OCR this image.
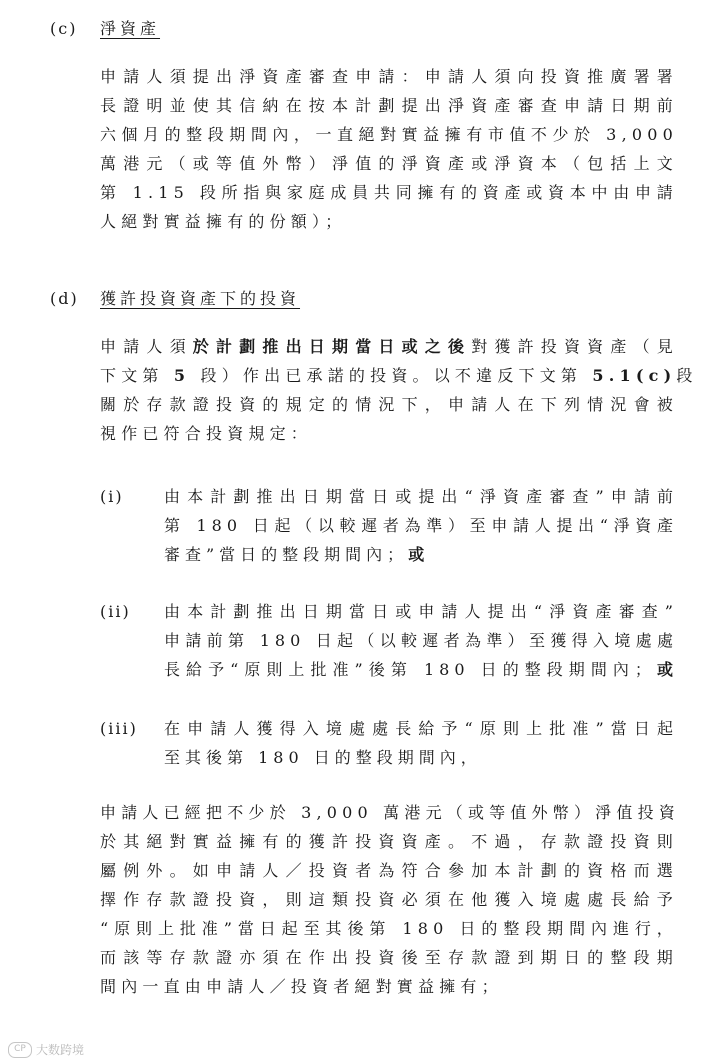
(c)	淨資產
申請人須提出淨資產審查申請：申請人須向投資推廣署署
長證明並使其信納在按本計劃提出淨資產審查申請日期前
六個月的整段期間內，一直絕對實益擁有市值不少於 3,000
萬港元（或等值外幣）淨值的淨資產或淨資本（包括上文
第 1.15 段所指與家庭成員共同擁有的資產或資本中由申請
人絕對實益擁有的份額）；
(d)	獲許投資資產下的投資
申請人須於計劃推出日期當日或之後對獲許投資資產（見
下文第 5 段）作出已承諾的投資。以不違反下文第 5.1(c)段
關於存款證投資的規定的情況下，申請人在下列情況會被
視作已符合投資規定：
(i)	由本計劃推出日期當日或提出“淨資產審查”申請前
第 180 日起（以較遲者為準）至申請人提出“淨資產
審查”當日的整段期間內；或
(ii) 由本計劃推出日期當日或申請人提出“淨資產審查”
申請前第 180 日起（以較遲者為準）至獲得入境處處
長給予“原則上批准”後第 180 日的整段期間內；或
(iii) 在申請人獲得入境處處長給予“原則上批准”當日起
至其後第 180 日的整段期間內，
申請人已經把不少於 3,000 萬港元（或等值外幣）淨值投資
於其絕對實益擁有的獲許投資資產。不過，存款證投資則
屬例外。如申請人／投資者為符合參加本計劃的資格而選
擇作存款證投資，則這類投資必須在他獲入境處處長給予
“原則上批准”當日起至其後第 180 日的整段期間內進行，
而該等存款證亦須在作出投資後至存款證到期日的整段期
間內一直由申請人／投資者絕對實益擁有；
CP 大数跨境
